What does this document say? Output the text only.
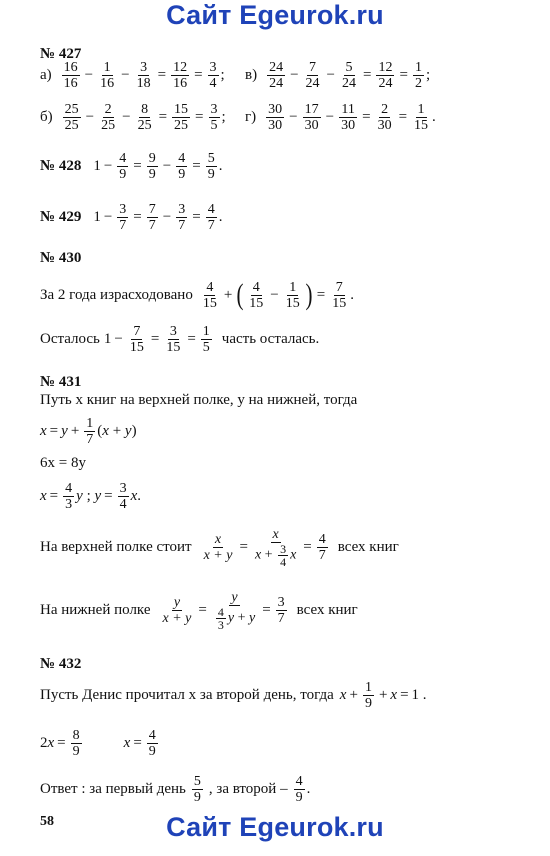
Сайт Egeurok.ru
№ 427
$а) \frac{16}{16} - \frac{1}{16} - \frac{3}{18} = \frac{12}{16} = \frac{3}{4}$ ; $в) \frac{24}{24} - \frac{7}{24} - \frac{5}{24} = \frac{12}{24} = \frac{1}{2}$ ;
$б) \frac{25}{25} - \frac{2}{25} - \frac{8}{25} = \frac{15}{25} = \frac{3}{5}$ ; $г) \frac{30}{30} - \frac{17}{30} - \frac{11}{30} = \frac{2}{30} = \frac{1}{15}$ .
№ 428 $1 - \frac{4}{9} = \frac{9}{9} - \frac{4}{9} = \frac{5}{9}$ .
№ 429 $1 - \frac{3}{7} = \frac{7}{7} - \frac{3}{7} = \frac{4}{7}$ .
№ 430
За 2 года израсходовано $\frac{4}{15}$ + ( $\frac{4}{15} - \frac{1}{15}$ ) = $\frac{7}{15}$ .
Осталось $1 - \frac{7}{15} = \frac{3}{15} = \frac{1}{5}$ часть осталась.
№ 431
Путь x книг на верхней полке, y на нижней, тогда
$x = y + \frac{1}{7}$ ( x + y )
6x = 8y
$x = \frac{4}{3}$ y ; $y = \frac{3}{4}$ x .
На верхней полке стоит $\frac{x}{x + y} = \frac{x}{x + \frac{3}{4} x} = \frac{4}{7}$ всех книг
На нижней полке $\frac{y}{x + y} = \frac{y}{\frac{4}{3} y + y} = \frac{3}{7}$ всех книг
№ 432
Пусть Денис прочитал x за второй день, тогда $x + \frac{1}{9} + x = 1$ .
2 $x = \frac{8}{9}$	$x = \frac{4}{9}$
Ответ : за первый день $\frac{5}{9}$ , за второй – $\frac{4}{9}$ .
58	Сайт Egeurok.ru
